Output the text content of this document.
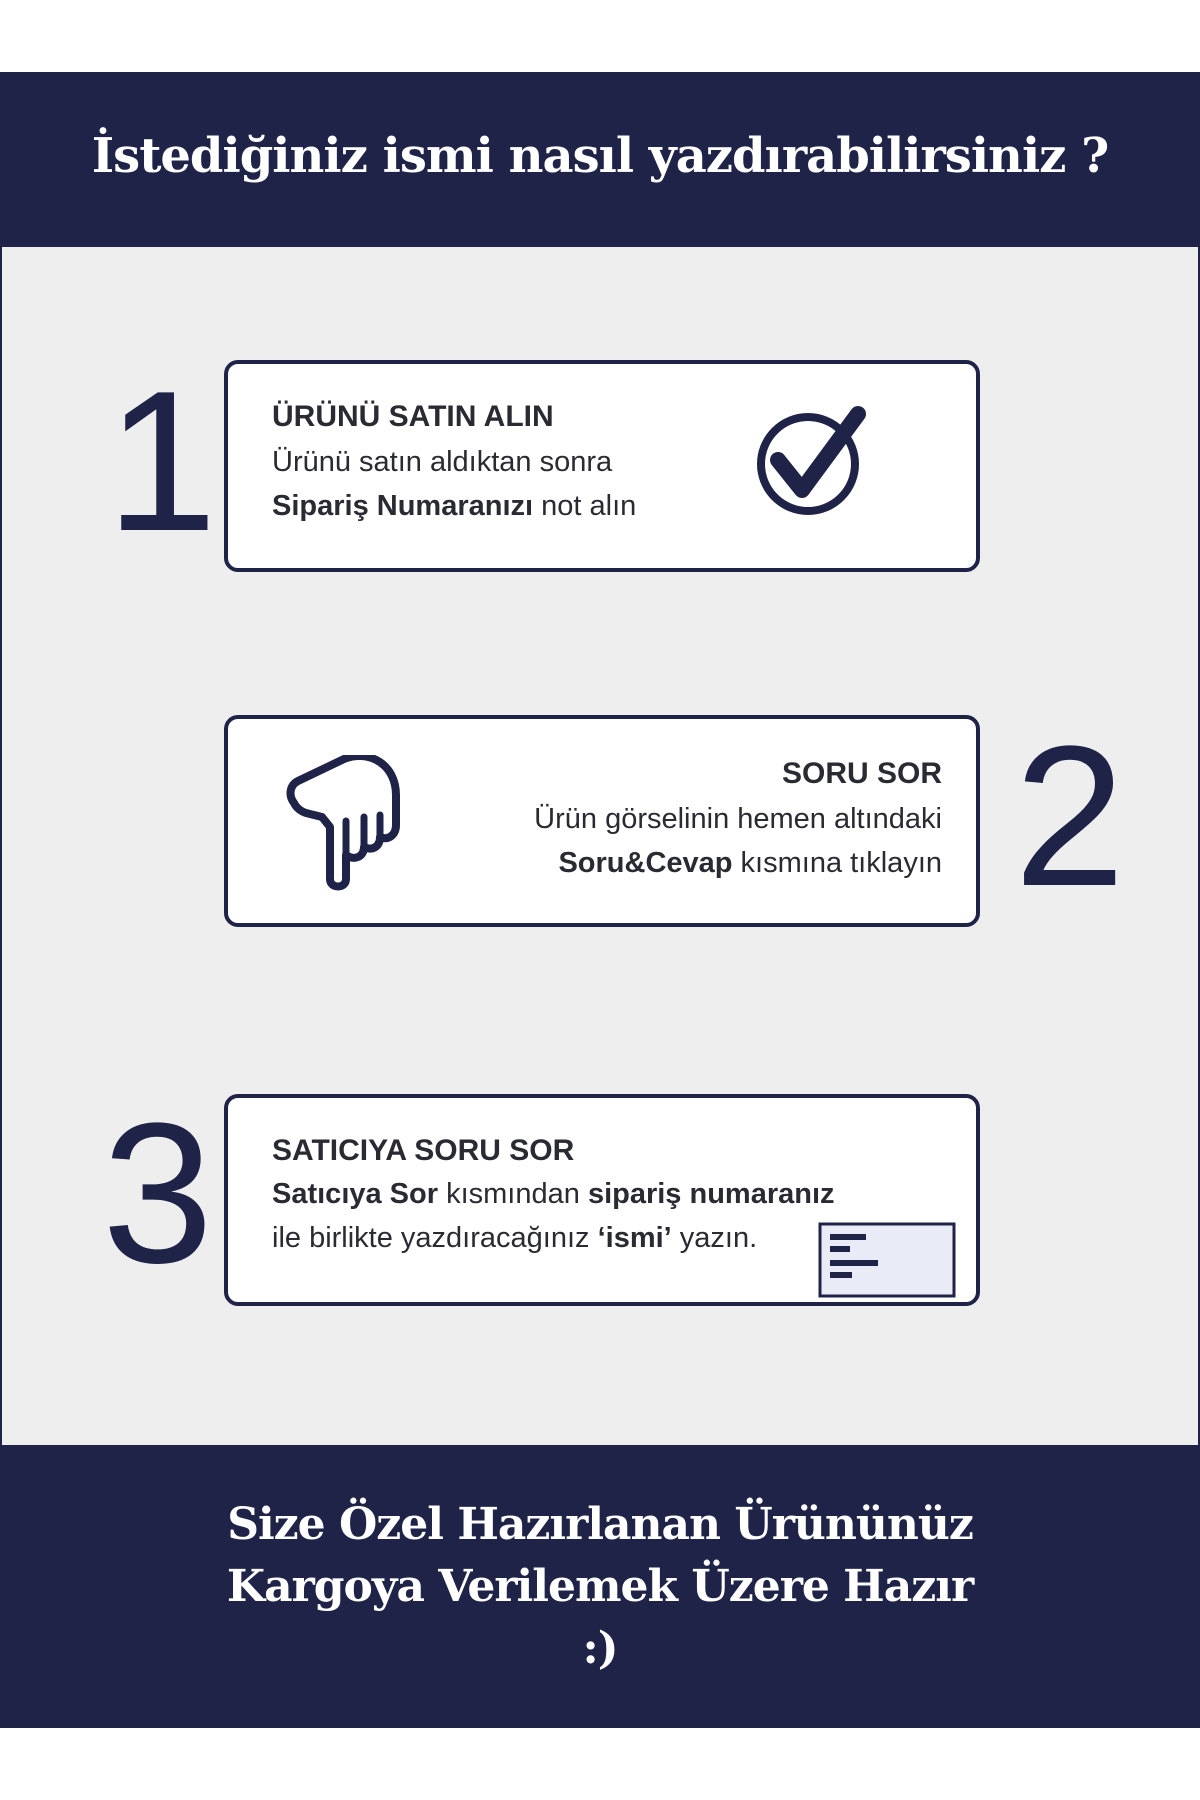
İstediğiniz ismi nasıl yazdırabilirsiniz ?
1 ÜRÜNÜ SATIN ALIN
Ürünü satın aldıktan sonra
Sipariş Numaranızı not alın
2
SORU SOR
Ürün görselinin hemen altındaki
Soru&Cevap kısmına tıklayın
3 SATICIYA SORU SOR
Satıcıya Sor kısmından sipariş numaranız
ile birlikte yazdıracağınız ‘ismi’ yazın.
Size Özel Hazırlanan Ürününüz
Kargoya Verilemek Üzere Hazır
:)
